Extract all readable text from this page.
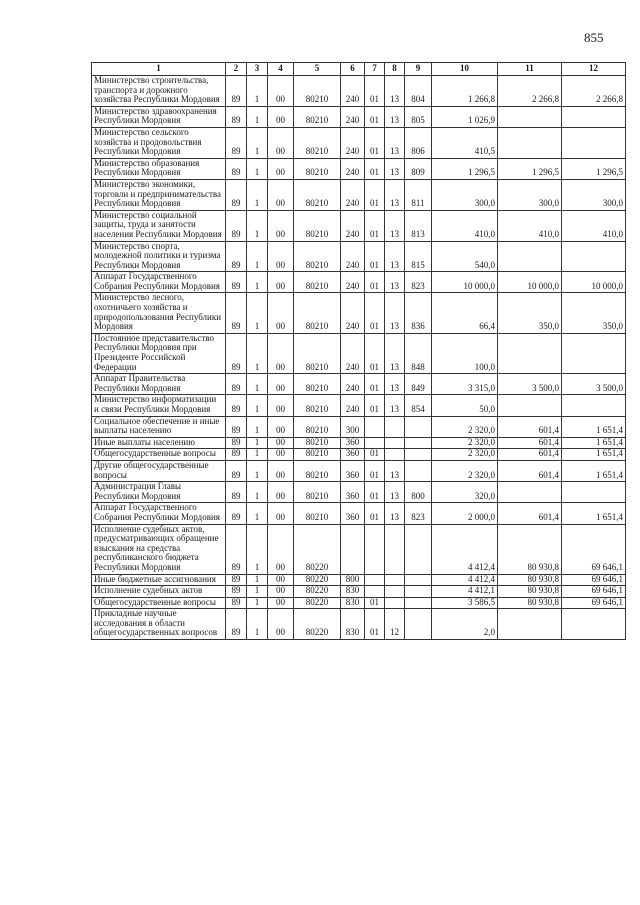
855
1	2	3	4	5	6	7	8	9	10	11	12
Министерство строительства, транспорта и дорожного хозяйства Республики Мордовия	89	1	00	80210	240	01	13	804	1 266,8	2 266,8	2 266,8
Министерство здравоохранения Республики Мордовия	89	1	00	80210	240	01	13	805	1 026,9		
Министерство сельского хозяйства и продовольствия Республики Мордовия	89	1	00	80210	240	01	13	806	410,5		
Министерство образования Республики Мордовия	89	1	00	80210	240	01	13	809	1 296,5	1 296,5	1 296,5
Министерство экономики, торговли и предпринимательства Республики Мордовия	89	1	00	80210	240	01	13	811	300,0	300,0	300,0
Министерство социальной защиты, труда и занятости населения Республики Мордовия	89	1	00	80210	240	01	13	813	410,0	410,0	410,0
Министерство спорта, молодежной политики и туризма Республики Мордовия	89	1	00	80210	240	01	13	815	540,0		
Аппарат Государственного Собрания Республики Мордовия	89	1	00	80210	240	01	13	823	10 000,0	10 000,0	10 000,0
Министерство лесного, охотничьего хозяйства и природопользования Республики Мордовия	89	1	00	80210	240	01	13	836	66,4	350,0	350,0
Постоянное представительство Республики Мордовия при Президенте Российской Федерации	89	1	00	80210	240	01	13	848	100,0		
Аппарат Правительства Республики Мордовия	89	1	00	80210	240	01	13	849	3 315,0	3 500,0	3 500,0
Министерство информатизации и связи Республики Мордовия	89	1	00	80210	240	01	13	854	50,0		
Социальное обеспечение и иные выплаты населению	89	1	00	80210	300				2 320,0	601,4	1 651,4
Иные выплаты населению	89	1	00	80210	360				2 320,0	601,4	1 651,4
Общегосударственные вопросы	89	1	00	80210	360	01			2 320,0	601,4	1 651,4
Другие общегосударственные вопросы	89	1	00	80210	360	01	13		2 320,0	601,4	1 651,4
Администрация Главы Республики Мордовия	89	1	00	80210	360	01	13	800	320,0		
Аппарат Государственного Собрания Республики Мордовия	89	1	00	80210	360	01	13	823	2 000,0	601,4	1 651,4
Исполнение судебных актов, предусматривающих обращение взыскания на средства республиканского бюджета Республики Мордовия	89	1	00	80220					4 412,4	80 930,8	69 646,1
Иные бюджетные ассигнования	89	1	00	80220	800				4 412,4	80 930,8	69 646,1
Исполнение судебных актов	89	1	00	80220	830				4 412,1	80 930,8	69 646,1
Общегосударственные вопросы	89	1	00	80220	830	01			3 586,5	80 930,8	69 646,1
Прикладные научные исследования в области общегосударственных вопросов	89	1	00	80220	830	01	12		2,0		
